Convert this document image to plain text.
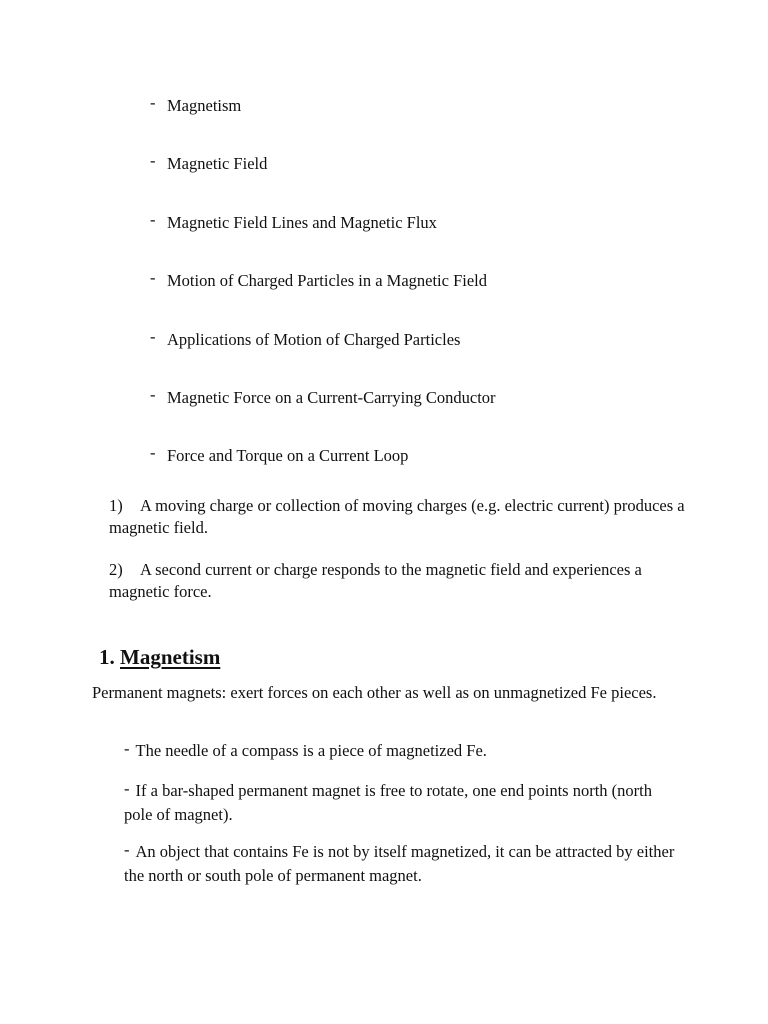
- Magnetism
- Magnetic Field
- Magnetic Field Lines and Magnetic Flux
- Motion of Charged Particles in a Magnetic Field
- Applications of Motion of Charged Particles
- Magnetic Force on a Current-Carrying Conductor
- Force and Torque on a Current Loop
1) A moving charge or collection of moving charges (e.g. electric current) produces a magnetic field.
2) A second current or charge responds to the magnetic field and experiences a magnetic force.
1. Magnetism
Permanent magnets: exert forces on each other as well as on unmagnetized Fe pieces.
- The needle of a compass is a piece of magnetized Fe.
- If a bar-shaped permanent magnet is free to rotate, one end points north (north pole of magnet).
- An object that contains Fe is not by itself magnetized, it can be attracted by either the north or south pole of permanent magnet.
